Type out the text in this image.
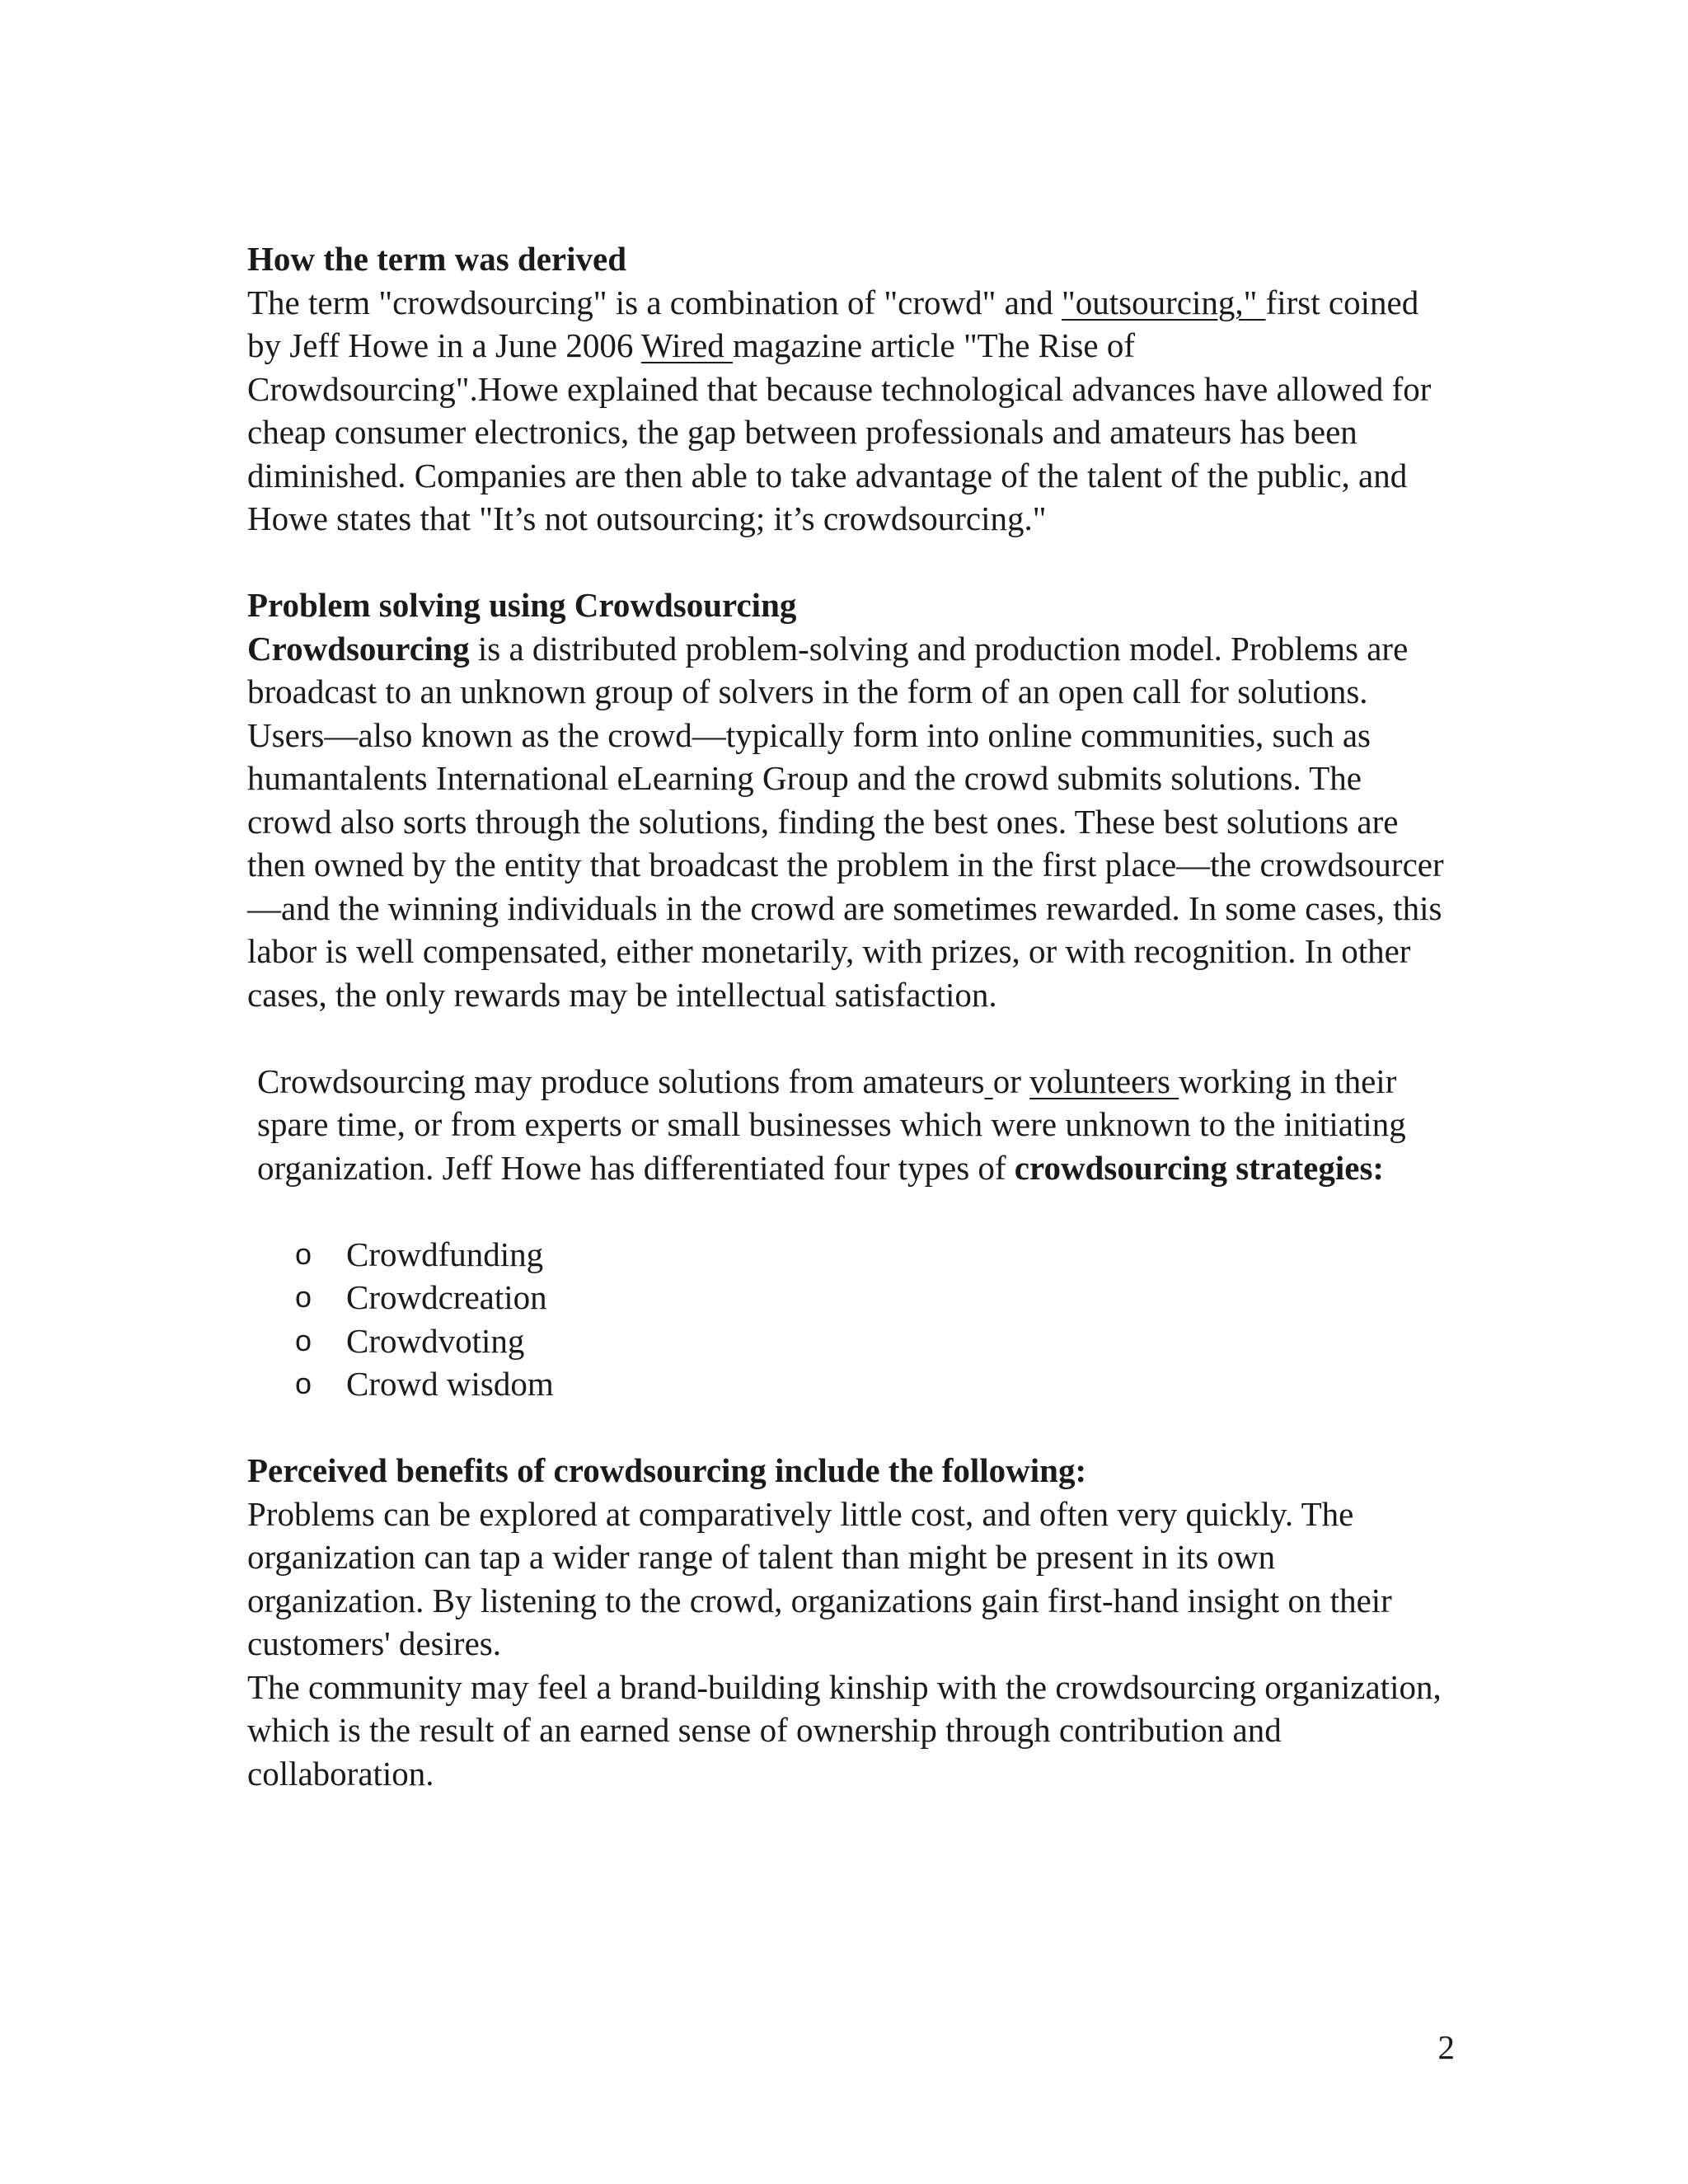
How the term was derived

The term "crowdsourcing" is a combination of "crowd" and "outsourcing," first coined by Jeff Howe in a June 2006 Wired magazine article "The Rise of Crowdsourcing".Howe explained that because technological advances have allowed for cheap consumer electronics, the gap between professionals and amateurs has been diminished. Companies are then able to take advantage of the talent of the public, and Howe states that "It’s not outsourcing; it’s crowdsourcing."

Problem solving using Crowdsourcing

Crowdsourcing is a distributed problem-solving and production model. Problems are broadcast to an unknown group of solvers in the form of an open call for solutions. Users—also known as the crowd—typically form into online communities, such as humantalents International eLearning Group and the crowd submits solutions. The crowd also sorts through the solutions, finding the best ones. These best solutions are then owned by the entity that broadcast the problem in the first place—the crowdsourcer—and the winning individuals in the crowd are sometimes rewarded. In some cases, this labor is well compensated, either monetarily, with prizes, or with recognition. In other cases, the only rewards may be intellectual satisfaction.

Crowdsourcing may produce solutions from amateurs or volunteers working in their spare time, or from experts or small businesses which were unknown to the initiating organization. Jeff Howe has differentiated four types of crowdsourcing strategies:

o Crowdfunding
o Crowdcreation
o Crowdvoting
o Crowd wisdom
Perceived benefits of crowdsourcing include the following:

Problems can be explored at comparatively little cost, and often very quickly. The organization can tap a wider range of talent than might be present in its own organization. By listening to the crowd, organizations gain first-hand insight on their customers' desires.

The community may feel a brand-building kinship with the crowdsourcing organization, which is the result of an earned sense of ownership through contribution and collaboration.

2
